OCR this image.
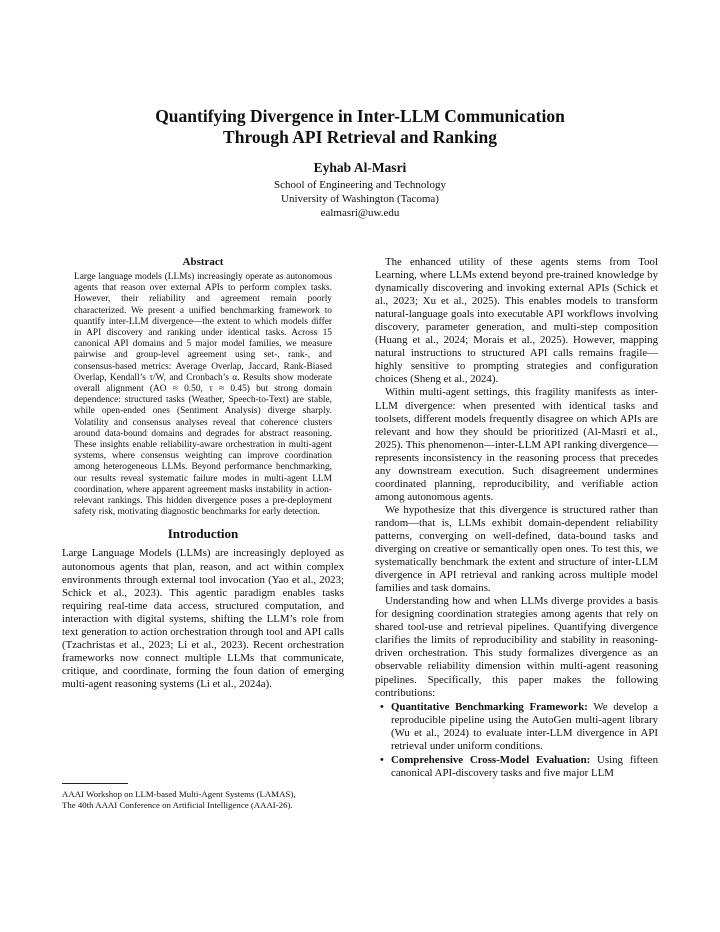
Quantifying Divergence in Inter-LLM Communication
Through API Retrieval and Ranking
Eyhab Al-Masri
School of Engineering and Technology
University of Washington (Tacoma)
ealmasri@uw.edu
Abstract

Large language models (LLMs) increasingly operate as autonomous agents that reason over external APIs to perform complex tasks. However, their reliability and agreement remain poorly characterized. We present a unified benchmarking framework to quantify inter-LLM divergence—the extent to which models differ in API discovery and ranking under identical tasks. Across 15 canonical API domains and 5 major model families, we measure pairwise and group-level agreement using set-, rank-, and consensus-based metrics: Average Overlap, Jaccard, Rank-Biased Overlap, Kendall’s τ/W, and Cronbach’s α. Results show moderate overall alignment (AO ≈ 0.50, τ ≈ 0.45) but strong domain dependence: structured tasks (Weather, Speech-to-Text) are stable, while open-ended ones (Sentiment Analysis) diverge sharply. Volatility and consensus analyses reveal that coherence clusters around data-bound domains and degrades for abstract reasoning. These insights enable reliability-aware orchestration in multi-agent systems, where consensus weighting can improve coordination among heterogeneous LLMs. Beyond performance benchmarking, our results reveal systematic failure modes in multi-agent LLM coordination, where apparent agreement masks instability in action-relevant rankings. This hidden divergence poses a pre-deployment safety risk, motivating diagnostic benchmarks for early detection.

Introduction

Large Language Models (LLMs) are increasingly deployed as autonomous agents that plan, reason, and act within complex environments through external tool invocation (Yao et al., 2023; Schick et al., 2023). This agentic paradigm enables tasks requiring real-time data access, structured computation, and interaction with digital systems, shifting the LLM’s role from text generation to action orchestration through tool and API calls (Tzachristas et al., 2023; Li et al., 2023). Recent orchestration frameworks now connect multiple LLMs that communicate, critique, and coordinate, forming the foun dation of emerging multi-agent reasoning systems (Li et al., 2024a).

The enhanced utility of these agents stems from Tool Learning, where LLMs extend beyond pre-trained knowledge by dynamically discovering and invoking external APIs (Schick et al., 2023; Xu et al., 2025). This enables models to transform natural-language goals into executable API workflows involving discovery, parameter generation, and multi-step composition (Huang et al., 2024; Morais et al., 2025). However, mapping natural instructions to structured API calls remains fragile—highly sensitive to prompting strategies and configuration choices (Sheng et al., 2024).

Within multi-agent settings, this fragility manifests as inter-LLM divergence: when presented with identical tasks and toolsets, different models frequently disagree on which APIs are relevant and how they should be prioritized (Al-Masri et al., 2025). This phenomenon—inter-LLM API ranking divergence—represents inconsistency in the reasoning process that precedes any downstream execution. Such disagreement undermines coordinated planning, reproducibility, and verifiable action among autonomous agents.

We hypothesize that this divergence is structured rather than random—that is, LLMs exhibit domain-dependent reliability patterns, converging on well-defined, data-bound tasks and diverging on creative or semantically open ones. To test this, we systematically benchmark the extent and structure of inter-LLM divergence in API retrieval and ranking across multiple model families and task domains.

Understanding how and when LLMs diverge provides a basis for designing coordination strategies among agents that rely on shared tool-use and retrieval pipelines. Quantifying divergence clarifies the limits of reproducibility and stability in reasoning-driven orchestration. This study formalizes divergence as an observable reliability dimension within multi-agent reasoning pipelines. Specifically, this paper makes the following contributions:

• Quantitative Benchmarking Framework: We develop a reproducible pipeline using the AutoGen multi-agent library (Wu et al., 2024) to evaluate inter-LLM divergence in API retrieval under uniform conditions.
• Comprehensive Cross-Model Evaluation: Using fifteen canonical API-discovery tasks and five major LLM
AAAI Workshop on LLM-based Multi-Agent Systems (LAMAS),
The 40th AAAI Conference on Artificial Intelligence (AAAI-26).
